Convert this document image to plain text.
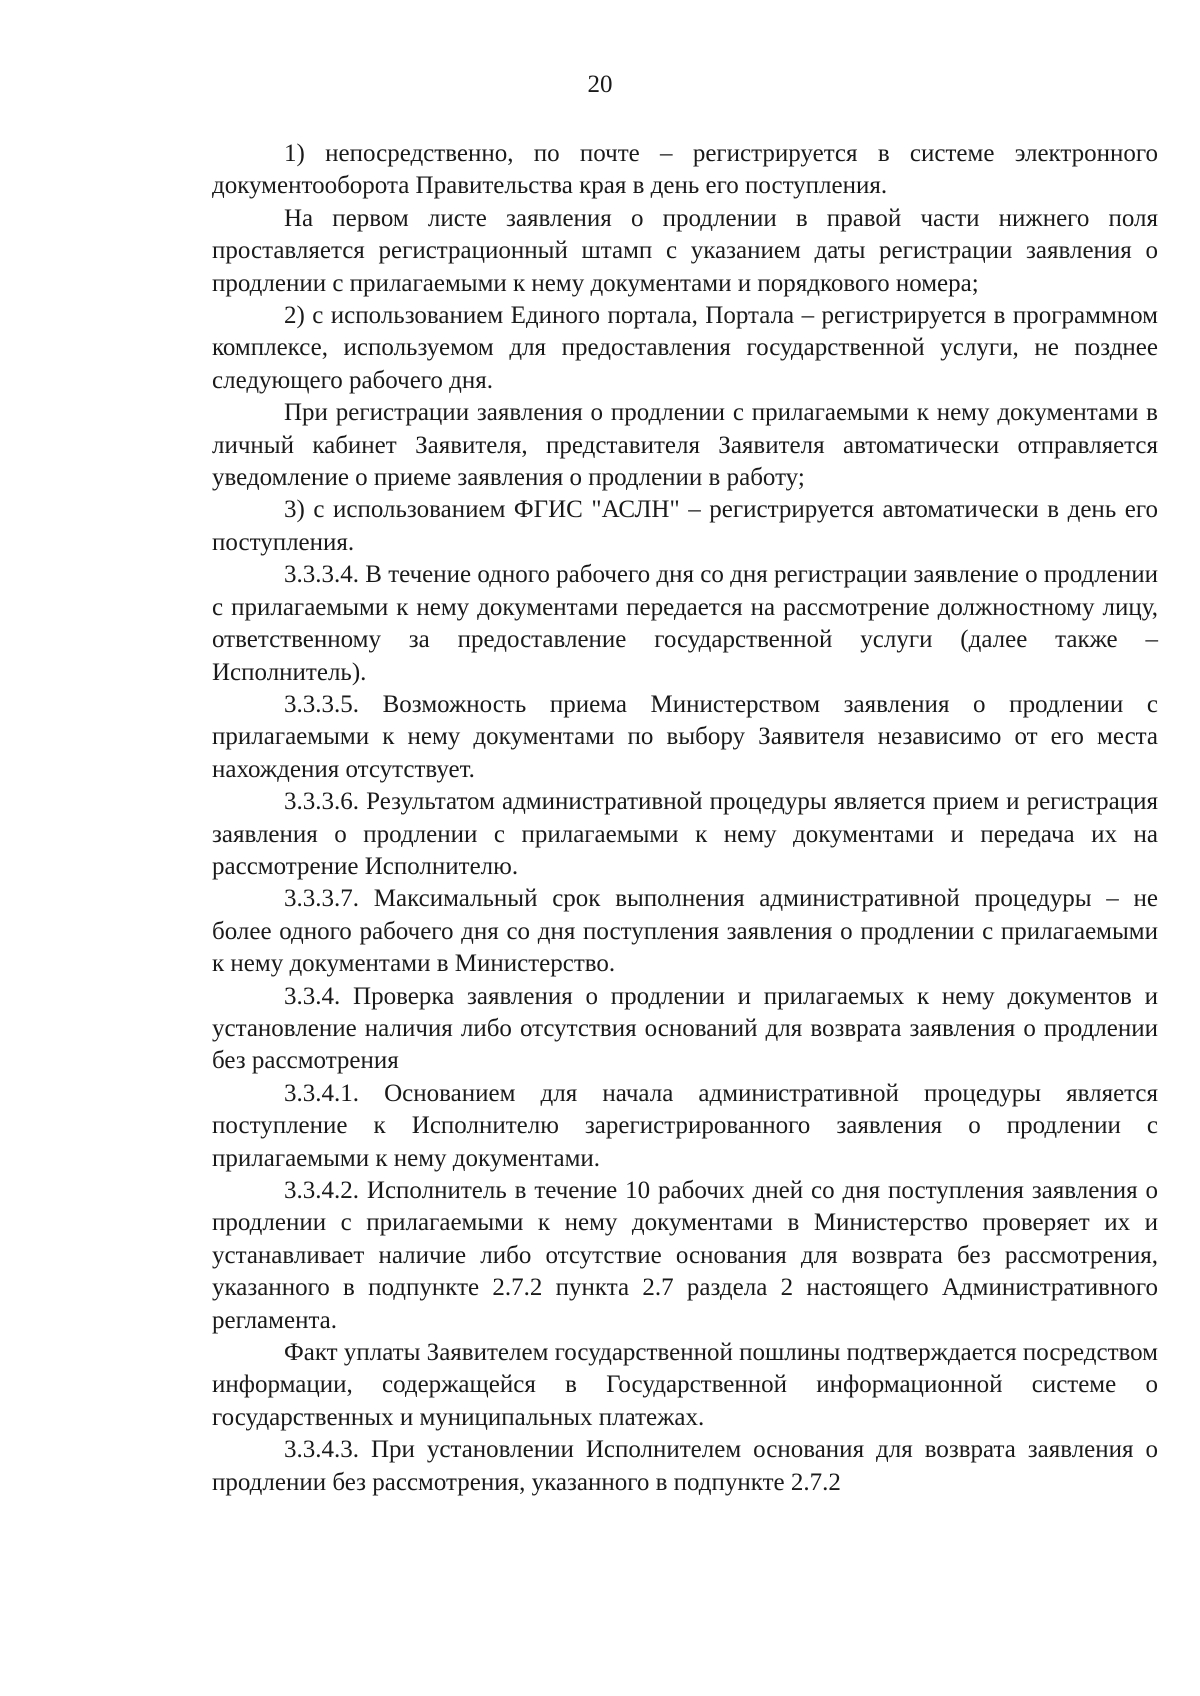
20

1) непосредственно, по почте – регистрируется в системе электронного документооборота Правительства края в день его поступления.

На первом листе заявления о продлении в правой части нижнего поля проставляется регистрационный штамп с указанием даты регистрации заявления о продлении с прилагаемыми к нему документами и порядкового номера;

2) с использованием Единого портала, Портала – регистрируется в программном комплексе, используемом для предоставления государственной услуги, не позднее следующего рабочего дня.

При регистрации заявления о продлении с прилагаемыми к нему документами в личный кабинет Заявителя, представителя Заявителя автоматически отправляется уведомление о приеме заявления о продлении в работу;

3) с использованием ФГИС "АСЛН" – регистрируется автоматически в день его поступления.

3.3.3.4. В течение одного рабочего дня со дня регистрации заявление о продлении с прилагаемыми к нему документами передается на рассмотрение должностному лицу, ответственному за предоставление государственной услуги (далее также – Исполнитель).

3.3.3.5. Возможность приема Министерством заявления о продлении с прилагаемыми к нему документами по выбору Заявителя независимо от его места нахождения отсутствует.

3.3.3.6. Результатом административной процедуры является прием и регистрация заявления о продлении с прилагаемыми к нему документами и передача их на рассмотрение Исполнителю.

3.3.3.7. Максимальный срок выполнения административной процедуры – не более одного рабочего дня со дня поступления заявления о продлении с прилагаемыми к нему документами в Министерство.

3.3.4. Проверка заявления о продлении и прилагаемых к нему документов и установление наличия либо отсутствия оснований для возврата заявления о продлении без рассмотрения

3.3.4.1. Основанием для начала административной процедуры является поступление к Исполнителю зарегистрированного заявления о продлении с прилагаемыми к нему документами.

3.3.4.2. Исполнитель в течение 10 рабочих дней со дня поступления заявления о продлении с прилагаемыми к нему документами в Министерство проверяет их и устанавливает наличие либо отсутствие основания для возврата без рассмотрения, указанного в подпункте 2.7.2 пункта 2.7 раздела 2 настоящего Административного регламента.

Факт уплаты Заявителем государственной пошлины подтверждается посредством информации, содержащейся в Государственной информационной системе о государственных и муниципальных платежах.

3.3.4.3. При установлении Исполнителем основания для возврата заявления о продлении без рассмотрения, указанного в подпункте 2.7.2
